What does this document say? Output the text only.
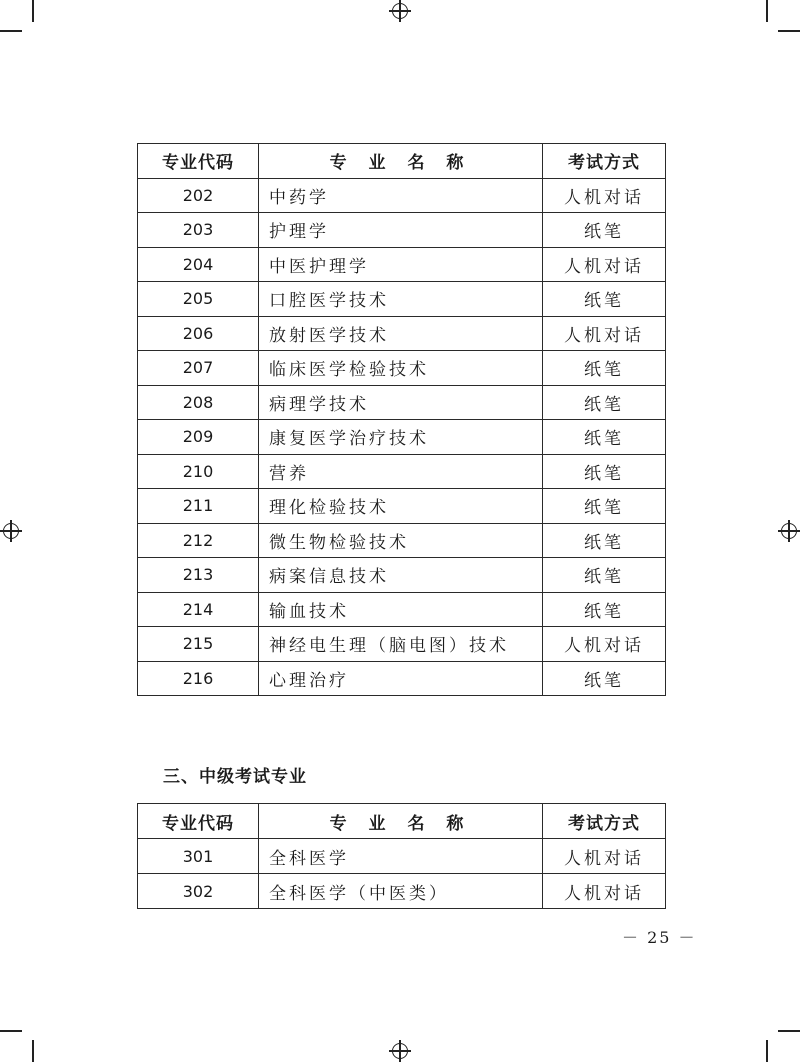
专业代码	专 业 名 称	考试方式
202	中药学	人机对话
203	护理学	纸笔
204	中医护理学	人机对话
205	口腔医学技术	纸笔
206	放射医学技术	人机对话
207	临床医学检验技术	纸笔
208	病理学技术	纸笔
209	康复医学治疗技术	纸笔
210	营养	纸笔
211	理化检验技术	纸笔
212	微生物检验技术	纸笔
213	病案信息技术	纸笔
214	输血技术	纸笔
215	神经电生理（脑电图）技术	人机对话
216	心理治疗	纸笔
三、中级考试专业
专业代码	专 业 名 称	考试方式
301	全科医学	人机对话
302	全科医学（中医类）	人机对话
－ 25 －
